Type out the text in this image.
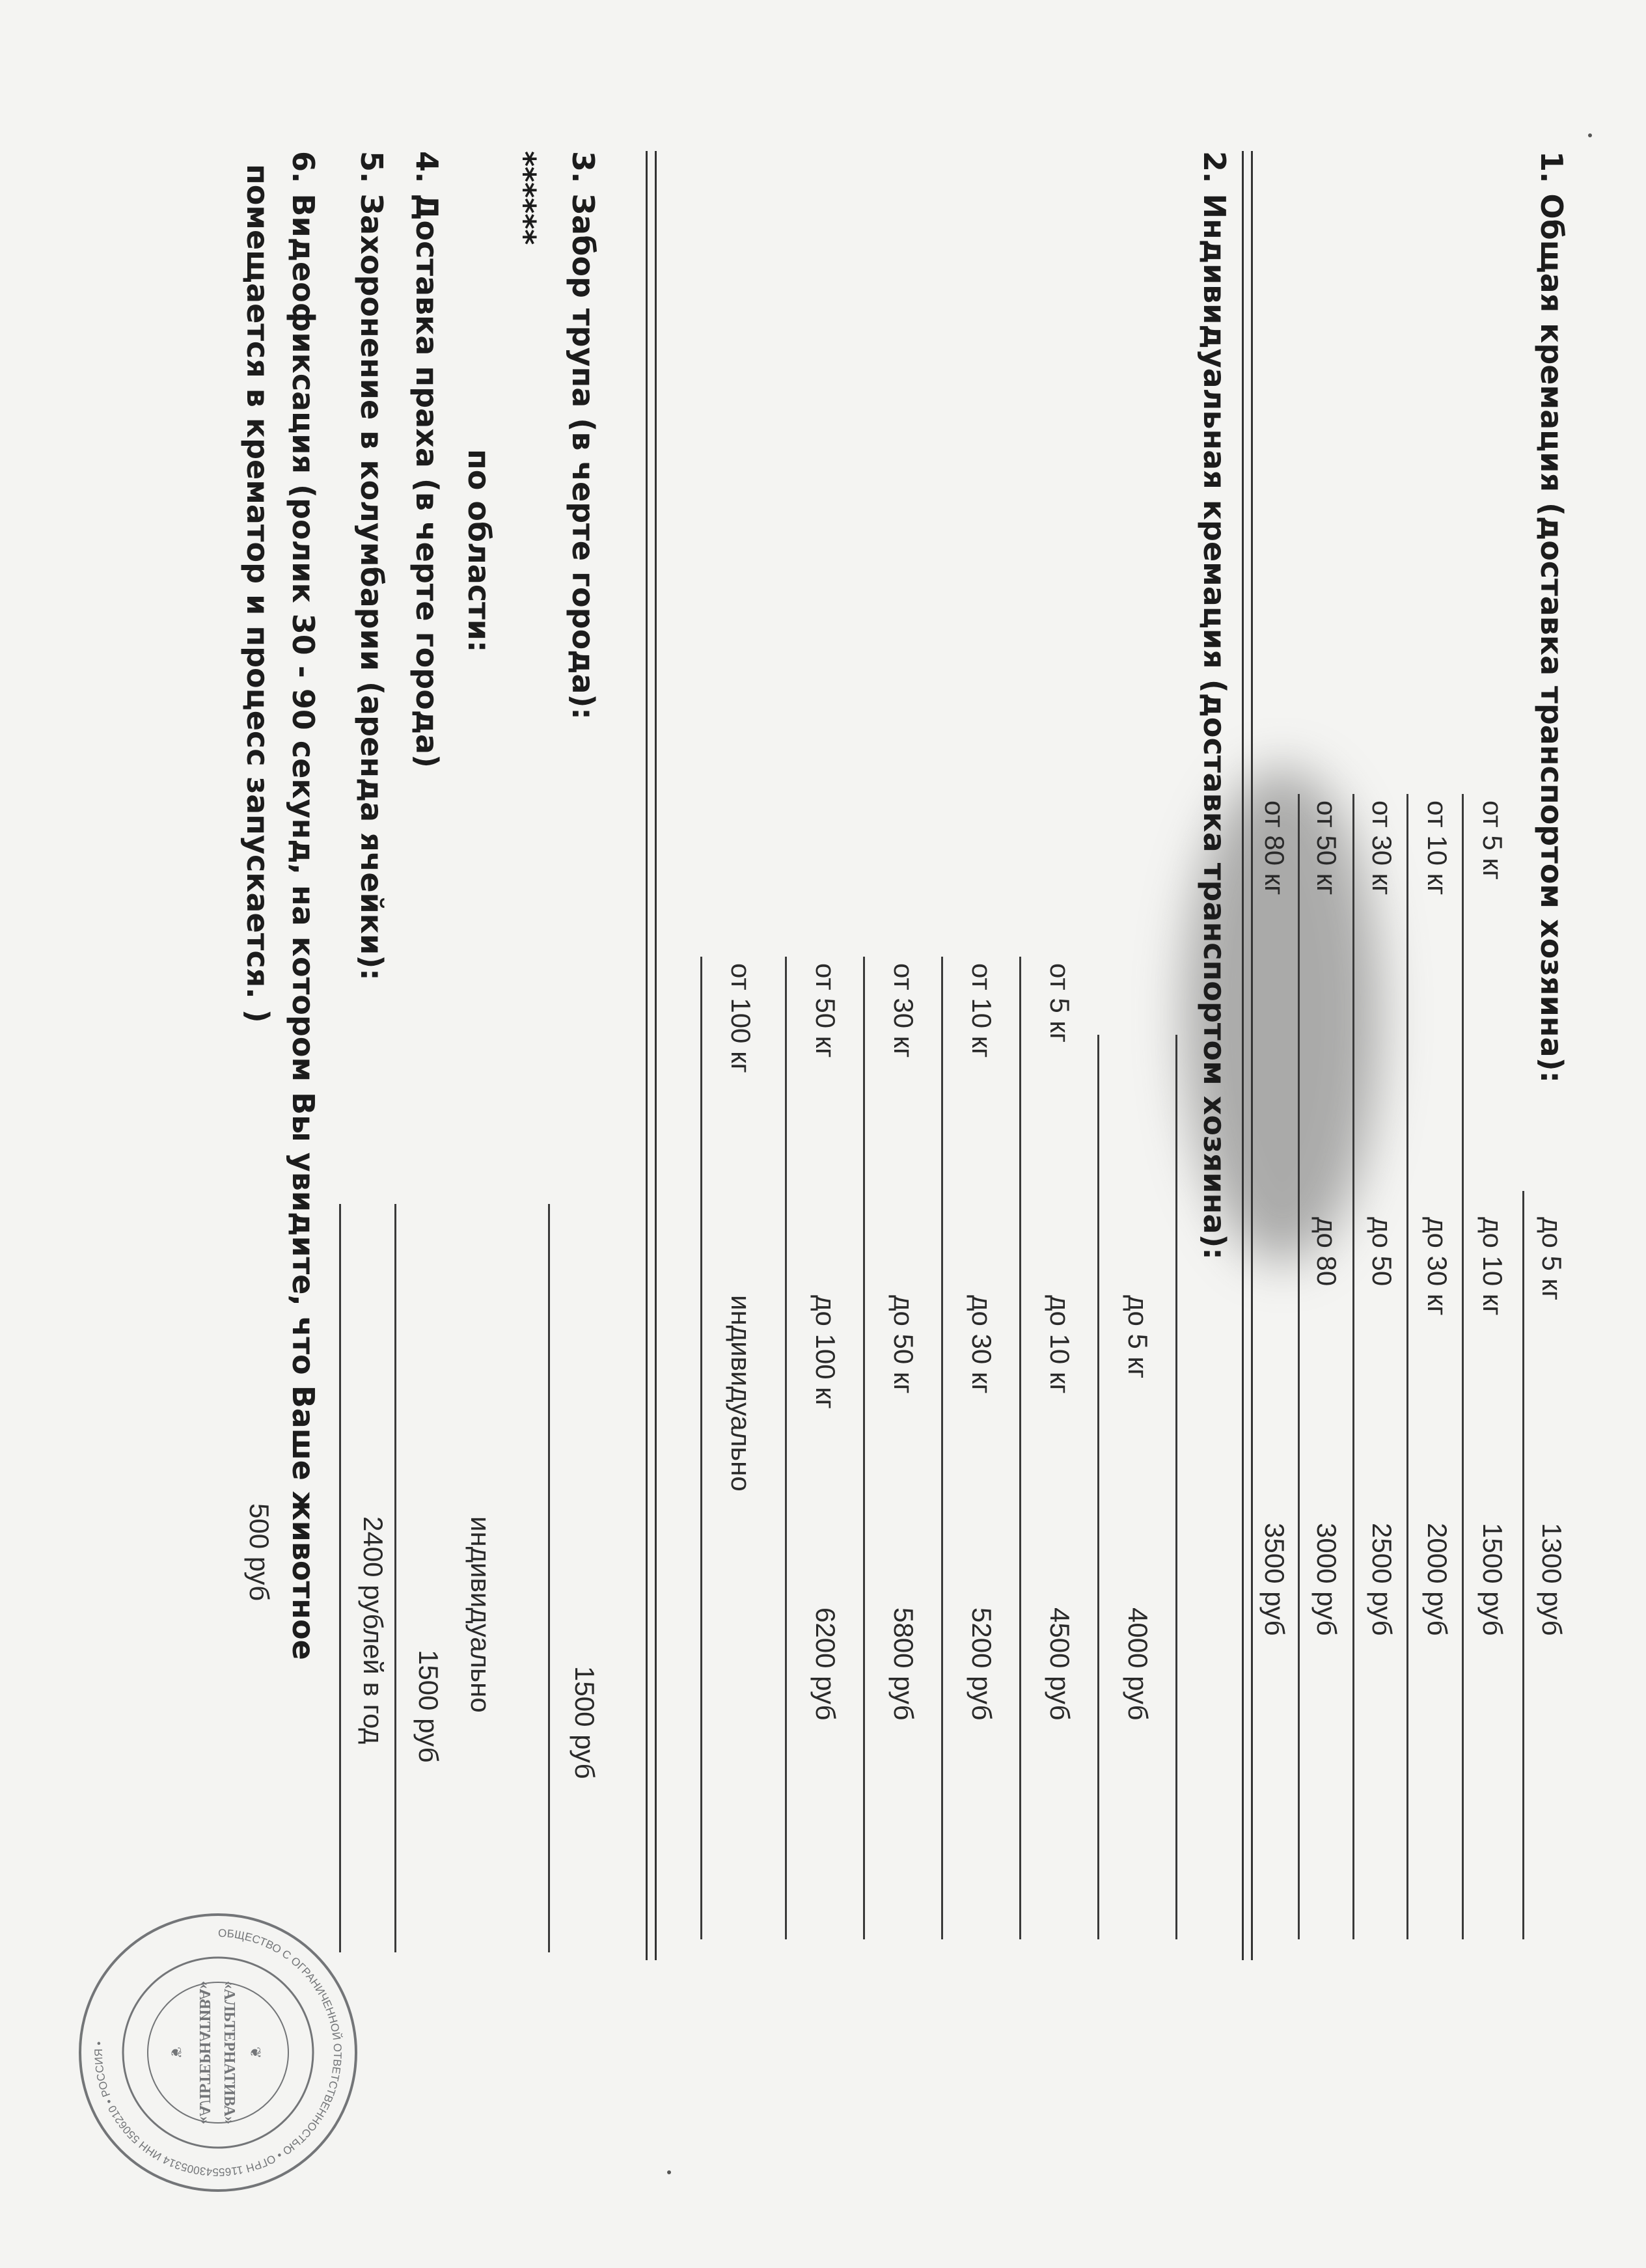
1. Общая кремация (доставка транспортом хозяина):
до 5 кг
1300 руб
от 5 кг
до 10 кг
1500 руб
от 10 кг
до 30 кг
2000 руб
от 30 кг
до 50
2500 руб
от 50 кг
до 80
3000 руб
от 80 кг
3500 руб
2. Индивидуальная кремация (доставка транспортом хозяина):
до 5 кг
4000 руб
от 5 кг
до 10 кг
4500 руб
от 10 кг
до 30 кг
5200 руб
от 30 кг
до 50 кг
5800 руб
от 50 кг
до 100 кг
6200 руб
от 100 кг
индивидуально
3. Забор трупа (в черте города):
1500 руб
******
по области:
индивидуально
4. Доставка праха (в черте города)
1500 руб
5. Захоронение в колумбарии (аренда ячейки):
2400 рублей в год
6. Видеофиксация (ролик 30 - 90 секунд, на котором Вы увидите, что Ваше животное
помещается в крематор и процесс запускается. )
500 руб
ОБЩЕСТВО С ОГРАНИЧЕННОЙ ОТВЕТСТВЕННОСТЬЮ • ОГРН 1165543005314 ИНН 5506210 • РОССИЯ •	«АЛЬТЕРНАТИВА»
«АЛЬТЕРНАТИВА» ❦
❦
